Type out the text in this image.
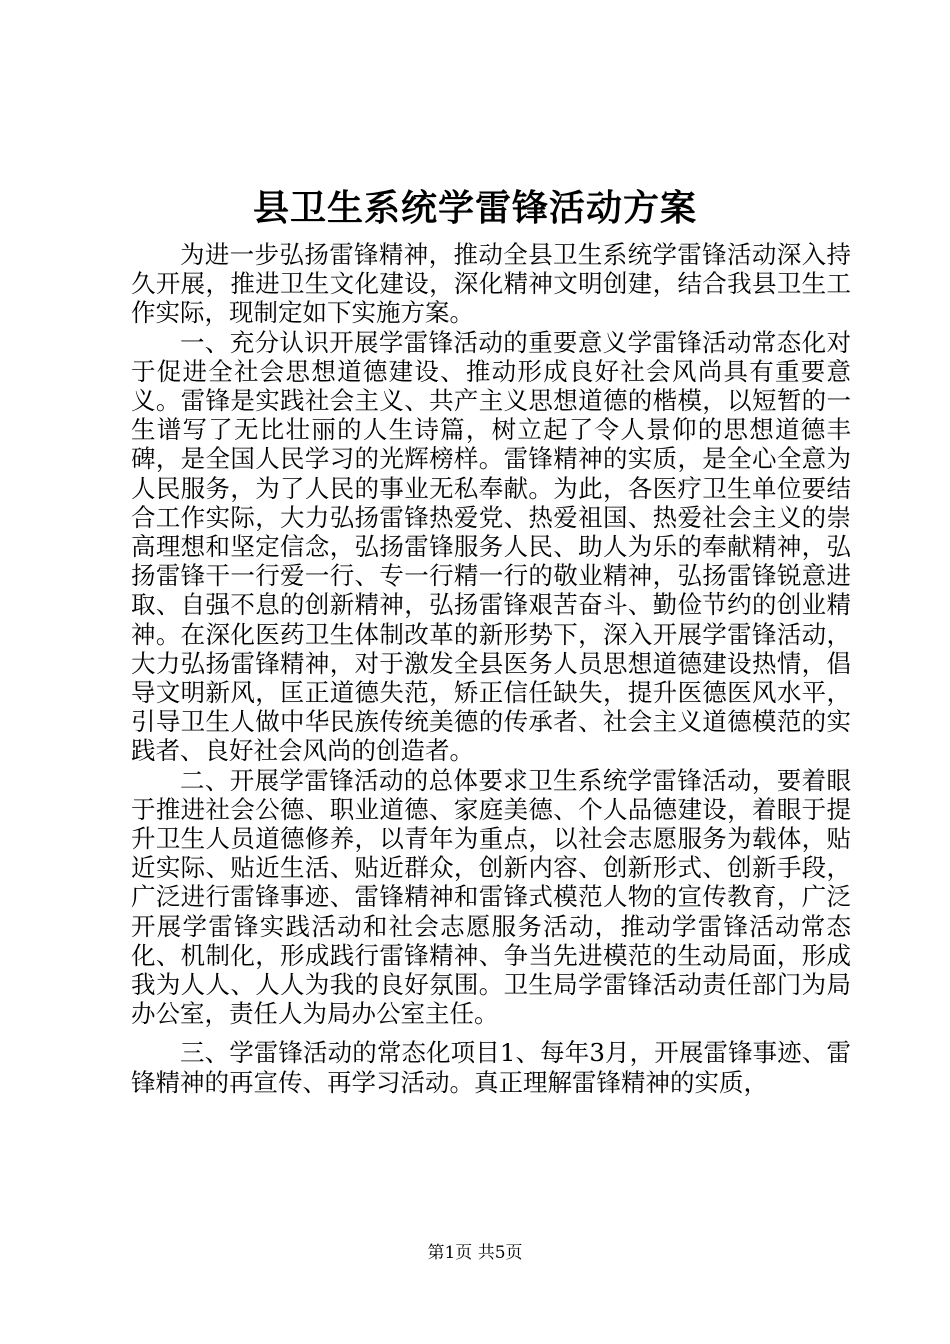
县卫生系统学雷锋活动方案

为进一步弘扬雷锋精神，推动全县卫生系统学雷锋活动深入持久开展，推进卫生文化建设，深化精神文明创建，结合我县卫生工作实际，现制定如下实施方案。

一、充分认识开展学雷锋活动的重要意义学雷锋活动常态化对于促进全社会思想道德建设、推动形成良好社会风尚具有重要意义。雷锋是实践社会主义、共产主义思想道德的楷模，以短暂的一生谱写了无比壮丽的人生诗篇，树立起了令人景仰的思想道德丰碑，是全国人民学习的光辉榜样。雷锋精神的实质，是全心全意为人民服务，为了人民的事业无私奉献。为此，各医疗卫生单位要结合工作实际，大力弘扬雷锋热爱党、热爱祖国、热爱社会主义的崇高理想和坚定信念，弘扬雷锋服务人民、助人为乐的奉献精神，弘扬雷锋干一行爱一行、专一行精一行的敬业精神，弘扬雷锋锐意进取、自强不息的创新精神，弘扬雷锋艰苦奋斗、勤俭节约的创业精神。在深化医药卫生体制改革的新形势下，深入开展学雷锋活动，大力弘扬雷锋精神，对于激发全县医务人员思想道德建设热情，倡导文明新风，匡正道德失范，矫正信任缺失，提升医德医风水平，引导卫生人做中华民族传统美德的传承者、社会主义道德模范的实践者、良好社会风尚的创造者。

二、开展学雷锋活动的总体要求卫生系统学雷锋活动，要着眼于推进社会公德、职业道德、家庭美德、个人品德建设，着眼于提升卫生人员道德修养，以青年为重点，以社会志愿服务为载体，贴近实际、贴近生活、贴近群众，创新内容、创新形式、创新手段，广泛进行雷锋事迹、雷锋精神和雷锋式模范人物的宣传教育，广泛开展学雷锋实践活动和社会志愿服务活动，推动学雷锋活动常态化、机制化，形成践行雷锋精神、争当先进模范的生动局面，形成我为人人、人人为我的良好氛围。卫生局学雷锋活动责任部门为局办公室，责任人为局办公室主任。

三、学雷锋活动的常态化项目1、每年3月，开展雷锋事迹、雷锋精神的再宣传、再学习活动。真正理解雷锋精神的实质，

第1页 共5页
